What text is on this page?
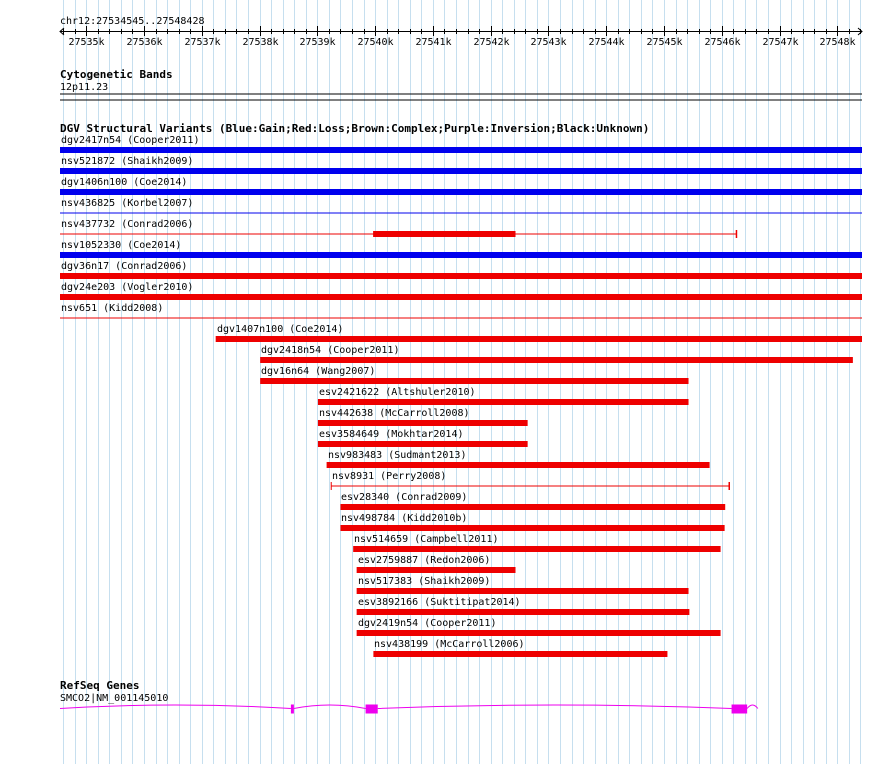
chr12:27534545..27548428
27535k 27536k 27537k 27538k 27539k 27540k 27541k 27542k 27543k 27544k 27545k 27546k 27547k 27548k
Cytogenetic Bands
12p11.23
DGV Structural Variants (Blue:Gain;Red:Loss;Brown:Complex;Purple:Inversion;Black:Unknown)
dgv2417n54 (Cooper2011)
nsv521872 (Shaikh2009)
dgv1406n100 (Coe2014)
nsv436825 (Korbel2007)
nsv437732 (Conrad2006)
nsv1052330 (Coe2014)
dgv36n17 (Conrad2006)
dgv24e203 (Vogler2010)
nsv651 (Kidd2008)
dgv1407n100 (Coe2014)
dgv2418n54 (Cooper2011)
dgv16n64 (Wang2007)
esv2421622 (Altshuler2010)
nsv442638 (McCarroll2008)
esv3584649 (Mokhtar2014)
nsv983483 (Sudmant2013)
nsv8931 (Perry2008)
esv28340 (Conrad2009)
nsv498784 (Kidd2010b)
nsv514659 (Campbell2011)
esv2759887 (Redon2006)
nsv517383 (Shaikh2009)
esv3892166 (Suktitipat2014)
dgv2419n54 (Cooper2011)
nsv438199 (McCarroll2006)
RefSeq Genes
SMCO2|NM_001145010
